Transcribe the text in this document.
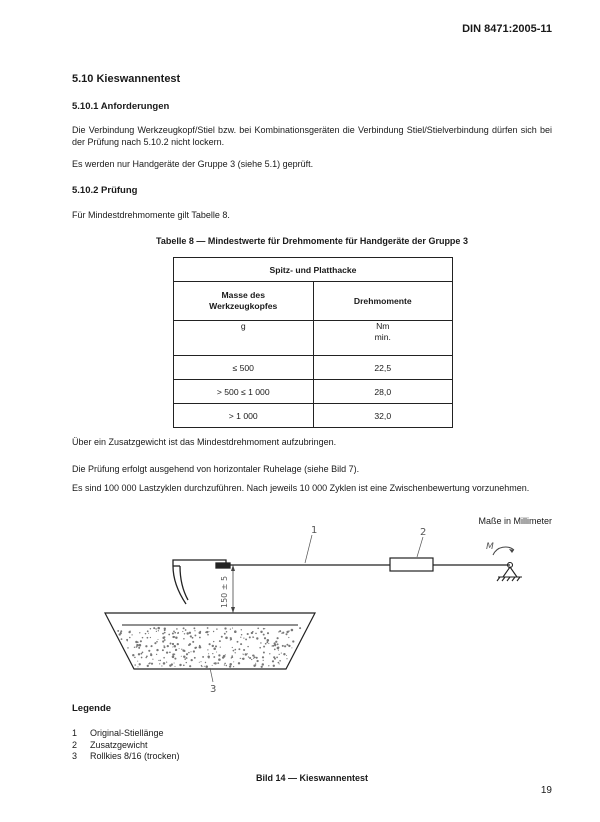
DIN 8471:2005-11
5.10 Kieswannentest
5.10.1 Anforderungen
Die Verbindung Werkzeugkopf/Stiel bzw. bei Kombinationsgeräten die Verbindung Stiel/Stielverbindung dürfen sich bei der Prüfung nach 5.10.2 nicht lockern.
Es werden nur Handgeräte der Gruppe 3 (siehe 5.1) geprüft.
5.10.2 Prüfung
Für Mindestdrehmomente gilt Tabelle 8.
Tabelle 8 — Mindestwerte für Drehmomente für Handgeräte der Gruppe 3
Spitz- und Platthacke	
Masse des Werkzeugkopfes	Drehmomente
g	Nm
min.

≤ 500	22,5
> 500 ≤ 1 000	28,0
> 1 000	32,0
Über ein Zusatzgewicht ist das Mindestdrehmoment aufzubringen.
Die Prüfung erfolgt ausgehend von horizontaler Ruhelage (siehe Bild 7).
Es sind 100 000 Lastzyklen durchzuführen. Nach jeweils 10 000 Zyklen ist eine Zwischenbewertung vorzunehmen.
Maße in Millimeter
M
1	2
3
150 ± 5
Legende
1 Original-Stiellänge
2 Zusatzgewicht
3 Rollkies 8/16 (trocken)
Bild 14 — Kieswannentest
19
